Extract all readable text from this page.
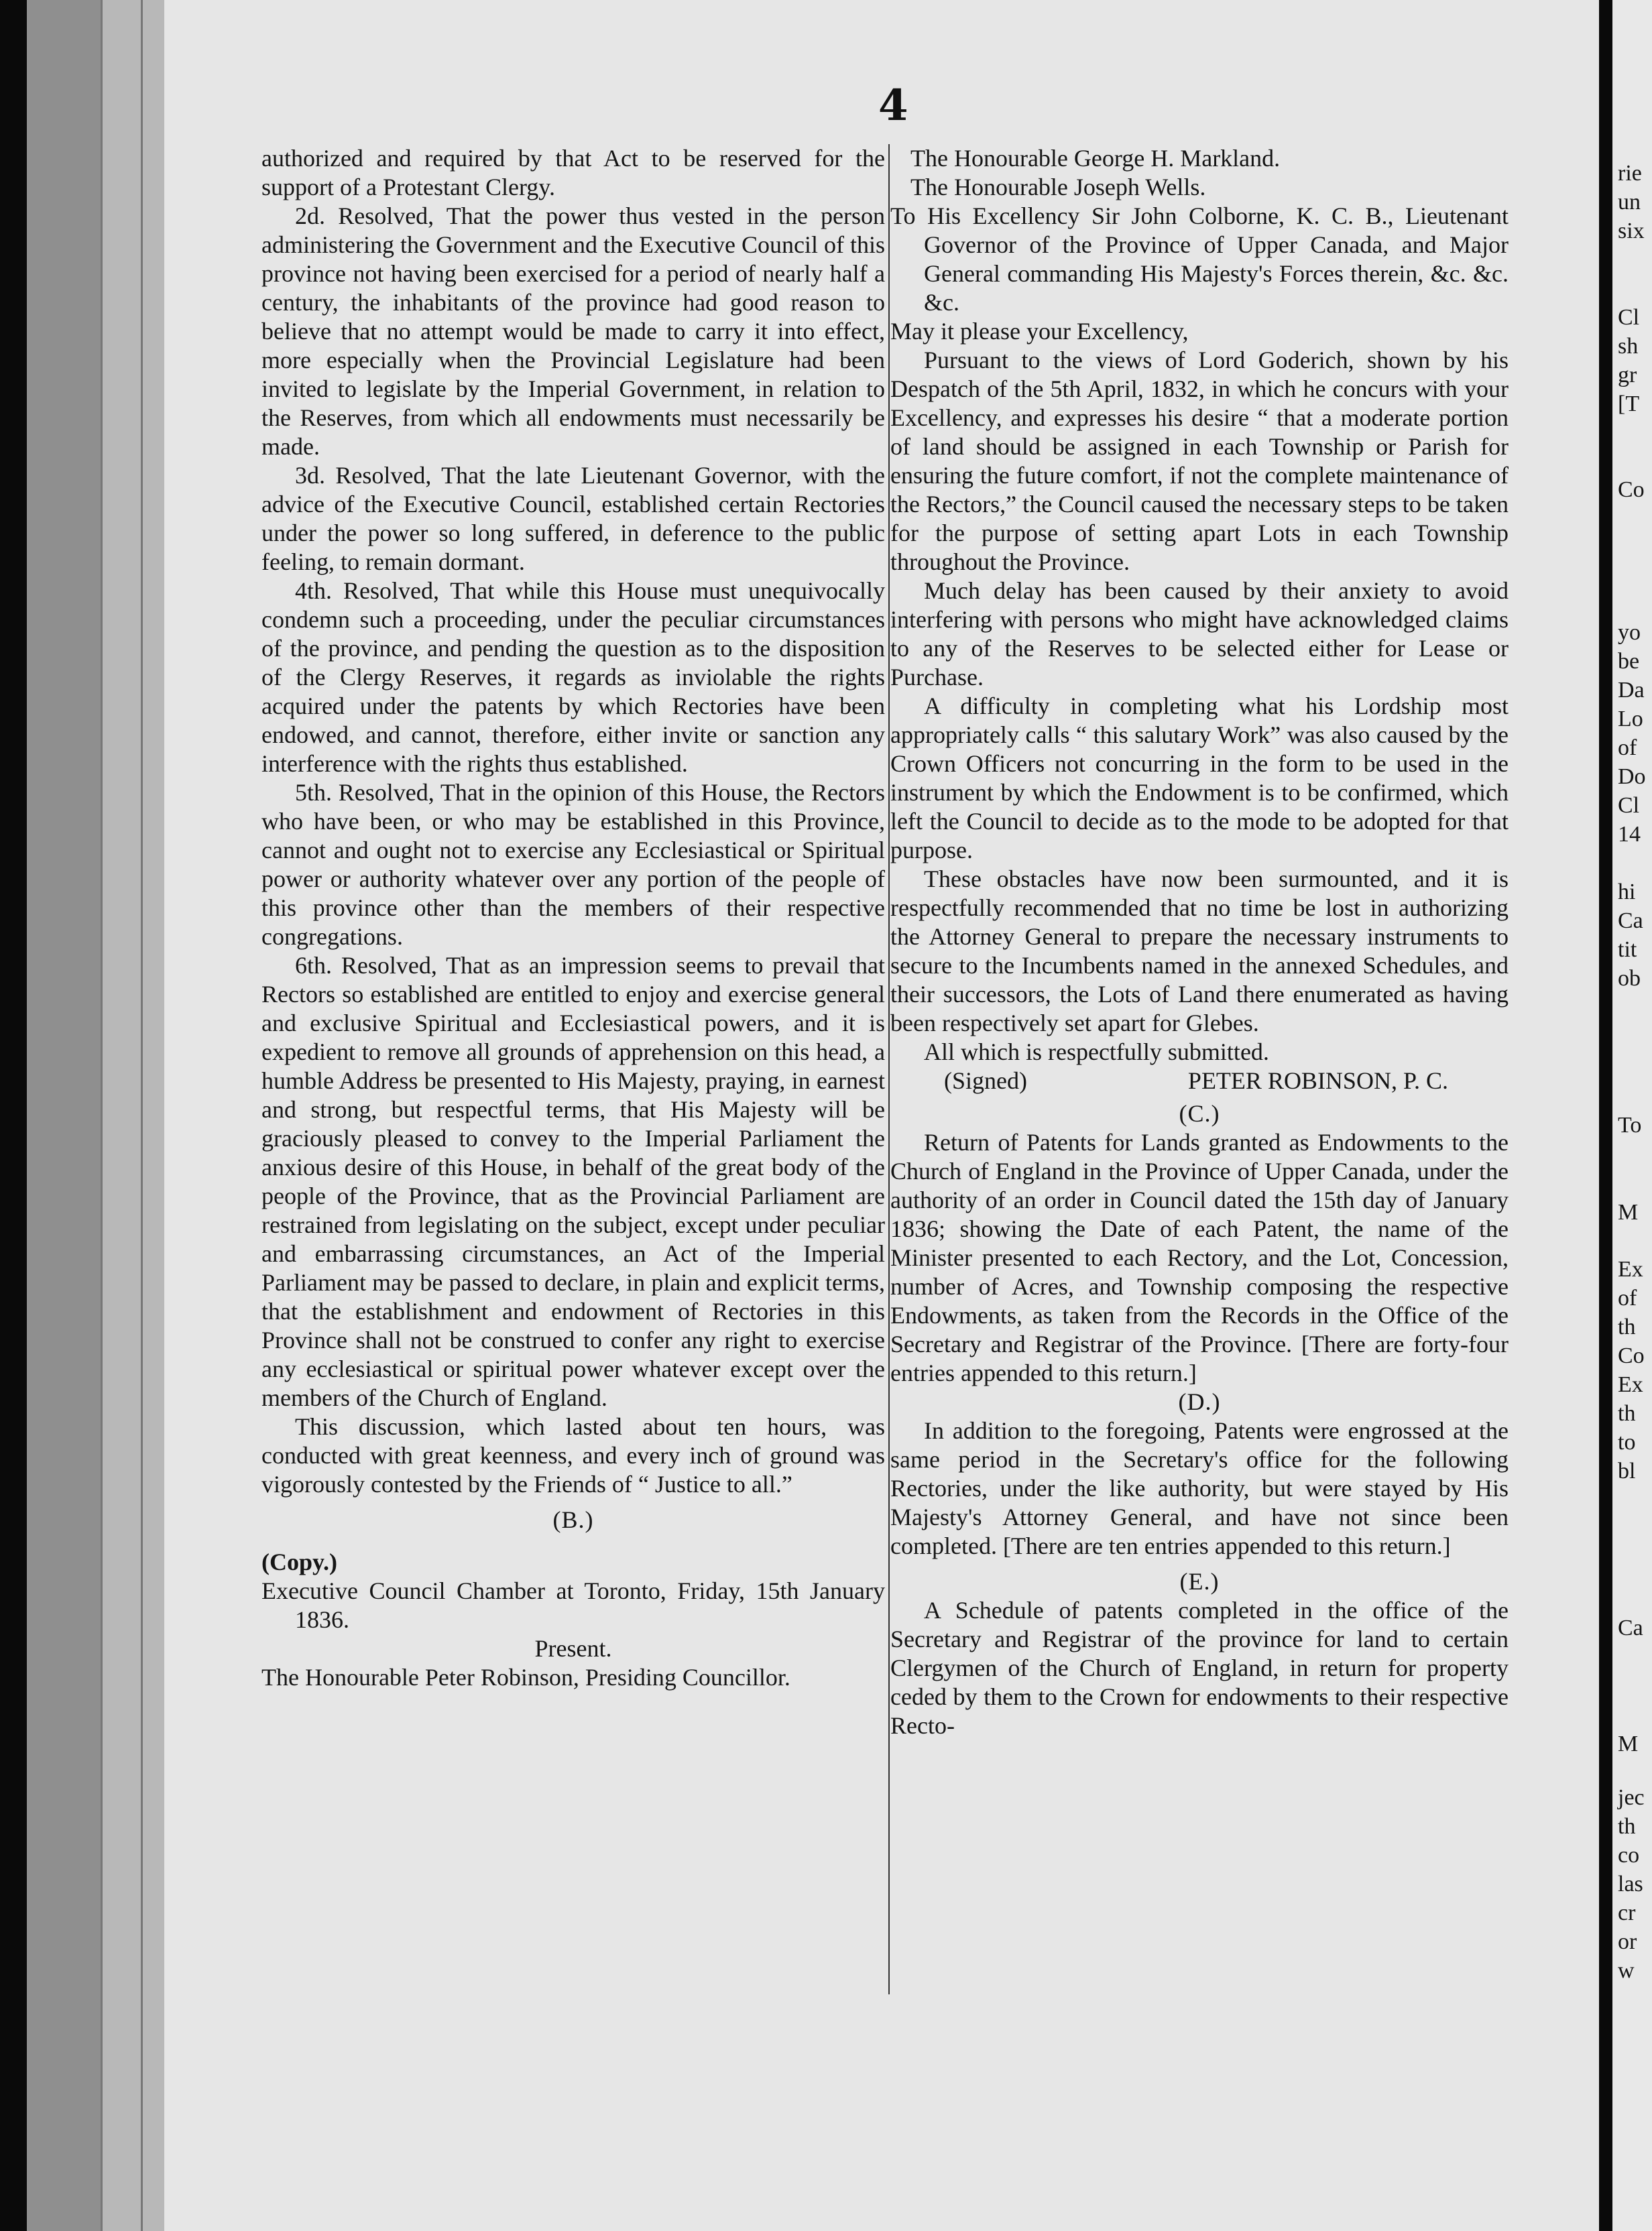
4

authorized and required by that Act to be reserved for the support of a Protestant Clergy.

2d. Resolved, That the power thus vested in the person administering the Government and the Executive Council of this province not having been exercised for a period of nearly half a century, the inhabitants of the province had good reason to believe that no attempt would be made to carry it into effect, more especially when the Provincial Legislature had been invited to legislate by the Imperial Government, in relation to the Reserves, from which all endowments must necessarily be made.

3d. Resolved, That the late Lieutenant Governor, with the advice of the Executive Council, established certain Rectories under the power so long suffered, in deference to the public feeling, to remain dormant.

4th. Resolved, That while this House must unequivocally condemn such a proceeding, under the peculiar circumstances of the province, and pending the question as to the disposition of the Clergy Reserves, it regards as inviolable the rights acquired under the patents by which Rectories have been endowed, and cannot, therefore, either invite or sanction any interference with the rights thus established.

5th. Resolved, That in the opinion of this House, the Rectors who have been, or who may be established in this Province, cannot and ought not to exercise any Ecclesiastical or Spiritual power or authority whatever over any portion of the people of this province other than the members of their respective congregations.

6th. Resolved, That as an impression seems to prevail that Rectors so established are entitled to enjoy and exercise general and exclusive Spiritual and Ecclesiastical powers, and it is expedient to remove all grounds of apprehension on this head, a humble Address be presented to His Majesty, praying, in earnest and strong, but respectful terms, that His Majesty will be graciously pleased to convey to the Imperial Parliament the anxious desire of this House, in behalf of the great body of the people of the Province, that as the Provincial Parliament are restrained from legislating on the subject, except under peculiar and embarrassing circumstances, an Act of the Imperial Parliament may be passed to declare, in plain and explicit terms, that the establishment and endowment of Rectories in this Province shall not be construed to confer any right to exercise any ecclesiastical or spiritual power whatever except over the members of the Church of England.

This discussion, which lasted about ten hours, was conducted with great keenness, and every inch of ground was vigorously contested by the Friends of “ Justice to all.”

(B.)

(Copy.)

Executive Council Chamber at Toronto, Friday, 15th January 1836.

Present.

The Honourable Peter Robinson, Presiding Councillor.

The Honourable George H. Markland.

The Honourable Joseph Wells.

To His Excellency Sir John Colborne, K. C. B., Lieutenant Governor of the Province of Upper Canada, and Major General commanding His Majesty's Forces therein, &c. &c. &c.

May it please your Excellency,

Pursuant to the views of Lord Goderich, shown by his Despatch of the 5th April, 1832, in which he concurs with your Excellency, and expresses his desire “ that a moderate portion of land should be assigned in each Township or Parish for ensuring the future comfort, if not the complete maintenance of the Rectors,” the Council caused the necessary steps to be taken for the purpose of setting apart Lots in each Township throughout the Province.

Much delay has been caused by their anxiety to avoid interfering with persons who might have acknowledged claims to any of the Reserves to be selected either for Lease or Purchase.

A difficulty in completing what his Lordship most appropriately calls “ this salutary Work” was also caused by the Crown Officers not concurring in the form to be used in the instrument by which the Endowment is to be confirmed, which left the Council to decide as to the mode to be adopted for that purpose.

These obstacles have now been surmounted, and it is respectfully recommended that no time be lost in authorizing the Attorney General to prepare the necessary instruments to secure to the Incumbents named in the annexed Schedules, and their successors, the Lots of Land there enumerated as having been respectively set apart for Glebes.

All which is respectfully submitted.

(Signed)	PETER ROBINSON, P. C.

(C.)

Return of Patents for Lands granted as Endowments to the Church of England in the Province of Upper Canada, under the authority of an order in Council dated the 15th day of January 1836; showing the Date of each Patent, the name of the Minister presented to each Rectory, and the Lot, Concession, number of Acres, and Township composing the respective Endowments, as taken from the Records in the Office of the Secretary and Registrar of the Province. [There are forty-four entries appended to this return.]

(D.)

In addition to the foregoing, Patents were engrossed at the same period in the Secretary's office for the following Rectories, under the like authority, but were stayed by His Majesty's Attorney General, and have not since been completed. [There are ten entries appended to this return.]

(E.)

A Schedule of patents completed in the office of the Secretary and Registrar of the province for land to certain Clergymen of the Church of England, in return for property ceded by them to the Crown for endowments to their respective Recto-

rie
un
six
Cl
sh
gr
[T
Co
yo
be
Da
Lo
of
Do
Cl
14
hi
Ca
tit
ob
To
M
Ex
of
th
Co
Ex
th
to
bl
Ca
M
jec
th
co
las
cr
or
w
